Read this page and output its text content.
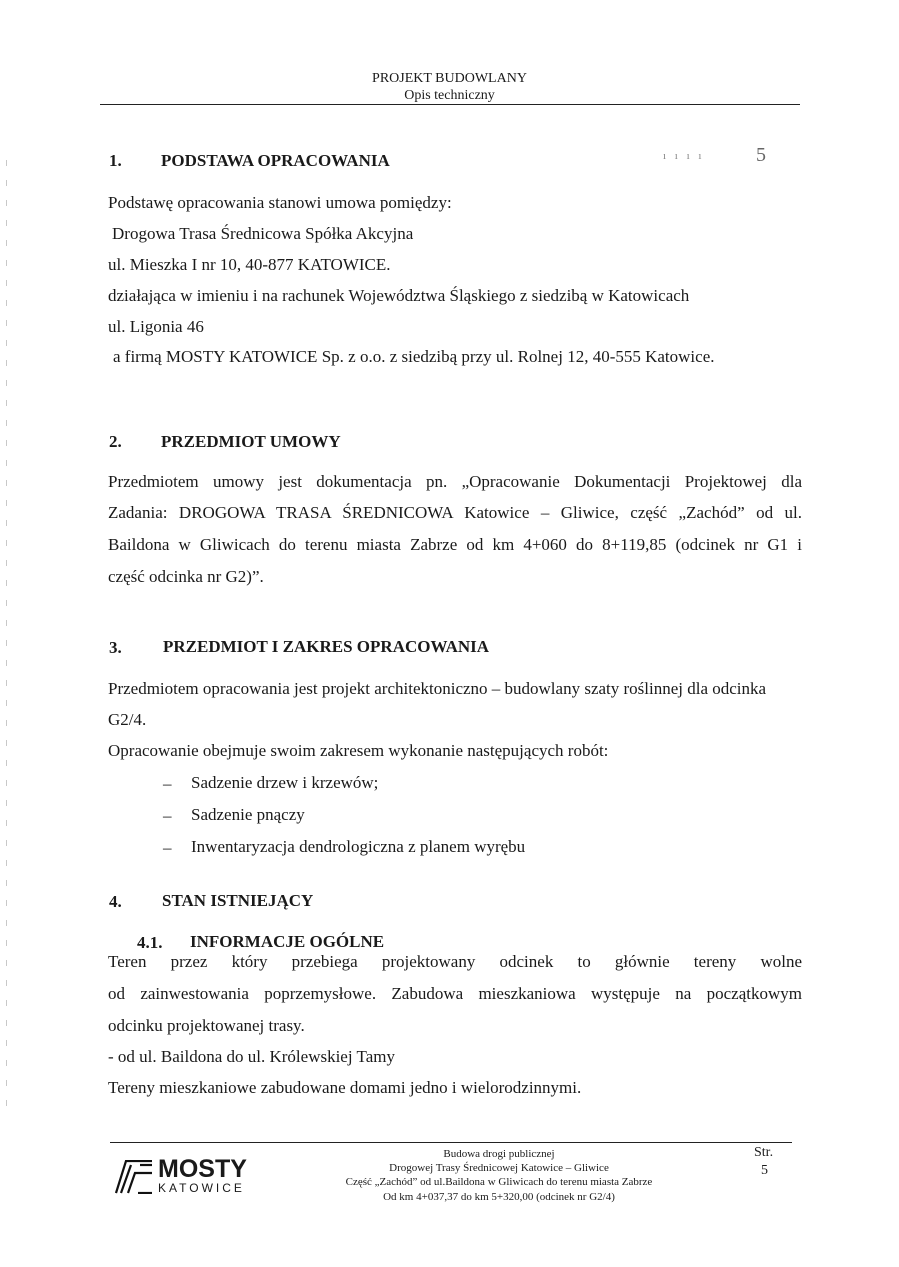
PROJEKT BUDOWLANY
Opis techniczny
ı ı ı ı	5
1. PODSTAWA OPRACOWANIA
Podstawę opracowania stanowi umowa pomiędzy:
Drogowa Trasa Średnicowa Spółka Akcyjna
ul. Mieszka I nr 10, 40-877 KATOWICE.
działająca w imieniu i na rachunek Województwa Śląskiego z siedzibą w Katowicach
ul. Ligonia 46
a firmą MOSTY KATOWICE Sp. z o.o. z siedzibą przy ul. Rolnej 12, 40-555 Katowice.
2. PRZEDMIOT UMOWY
Przedmiotem umowy jest dokumentacja pn. „Opracowanie Dokumentacji Projektowej dla
Zadania: DROGOWA TRASA ŚREDNICOWA Katowice – Gliwice, część „Zachód” od ul.
Baildona w Gliwicach do terenu miasta Zabrze od km 4+060 do 8+119,85 (odcinek nr G1 i
część odcinka nr G2)”.
3. PRZEDMIOT I ZAKRES OPRACOWANIA
Przedmiotem opracowania jest projekt architektoniczno – budowlany szaty roślinnej dla odcinka
G2/4.
Opracowanie obejmuje swoim zakresem wykonanie następujących robót:
– Sadzenie drzew i krzewów;
– Sadzenie pnączy
– Inwentaryzacja dendrologiczna z planem wyrębu
4. STAN ISTNIEJĄCY
4.1. INFORMACJE OGÓLNE
Teren przez który przebiega projektowany odcinek to głównie tereny wolne
od zainwestowania poprzemysłowe. Zabudowa mieszkaniowa występuje na początkowym
odcinku projektowanej trasy.
- od ul. Baildona do ul. Królewskiej Tamy
Tereny mieszkaniowe zabudowane domami jedno i wielorodzinnymi.
MOSTY
KATOWICE
Budowa drogi publicznej
Drogowej Trasy Średnicowej Katowice – Gliwice
Część „Zachód” od ul.Baildona w Gliwicach do terenu miasta Zabrze
Od km 4+037,37 do km 5+320,00 (odcinek nr G2/4)
Str.
5
